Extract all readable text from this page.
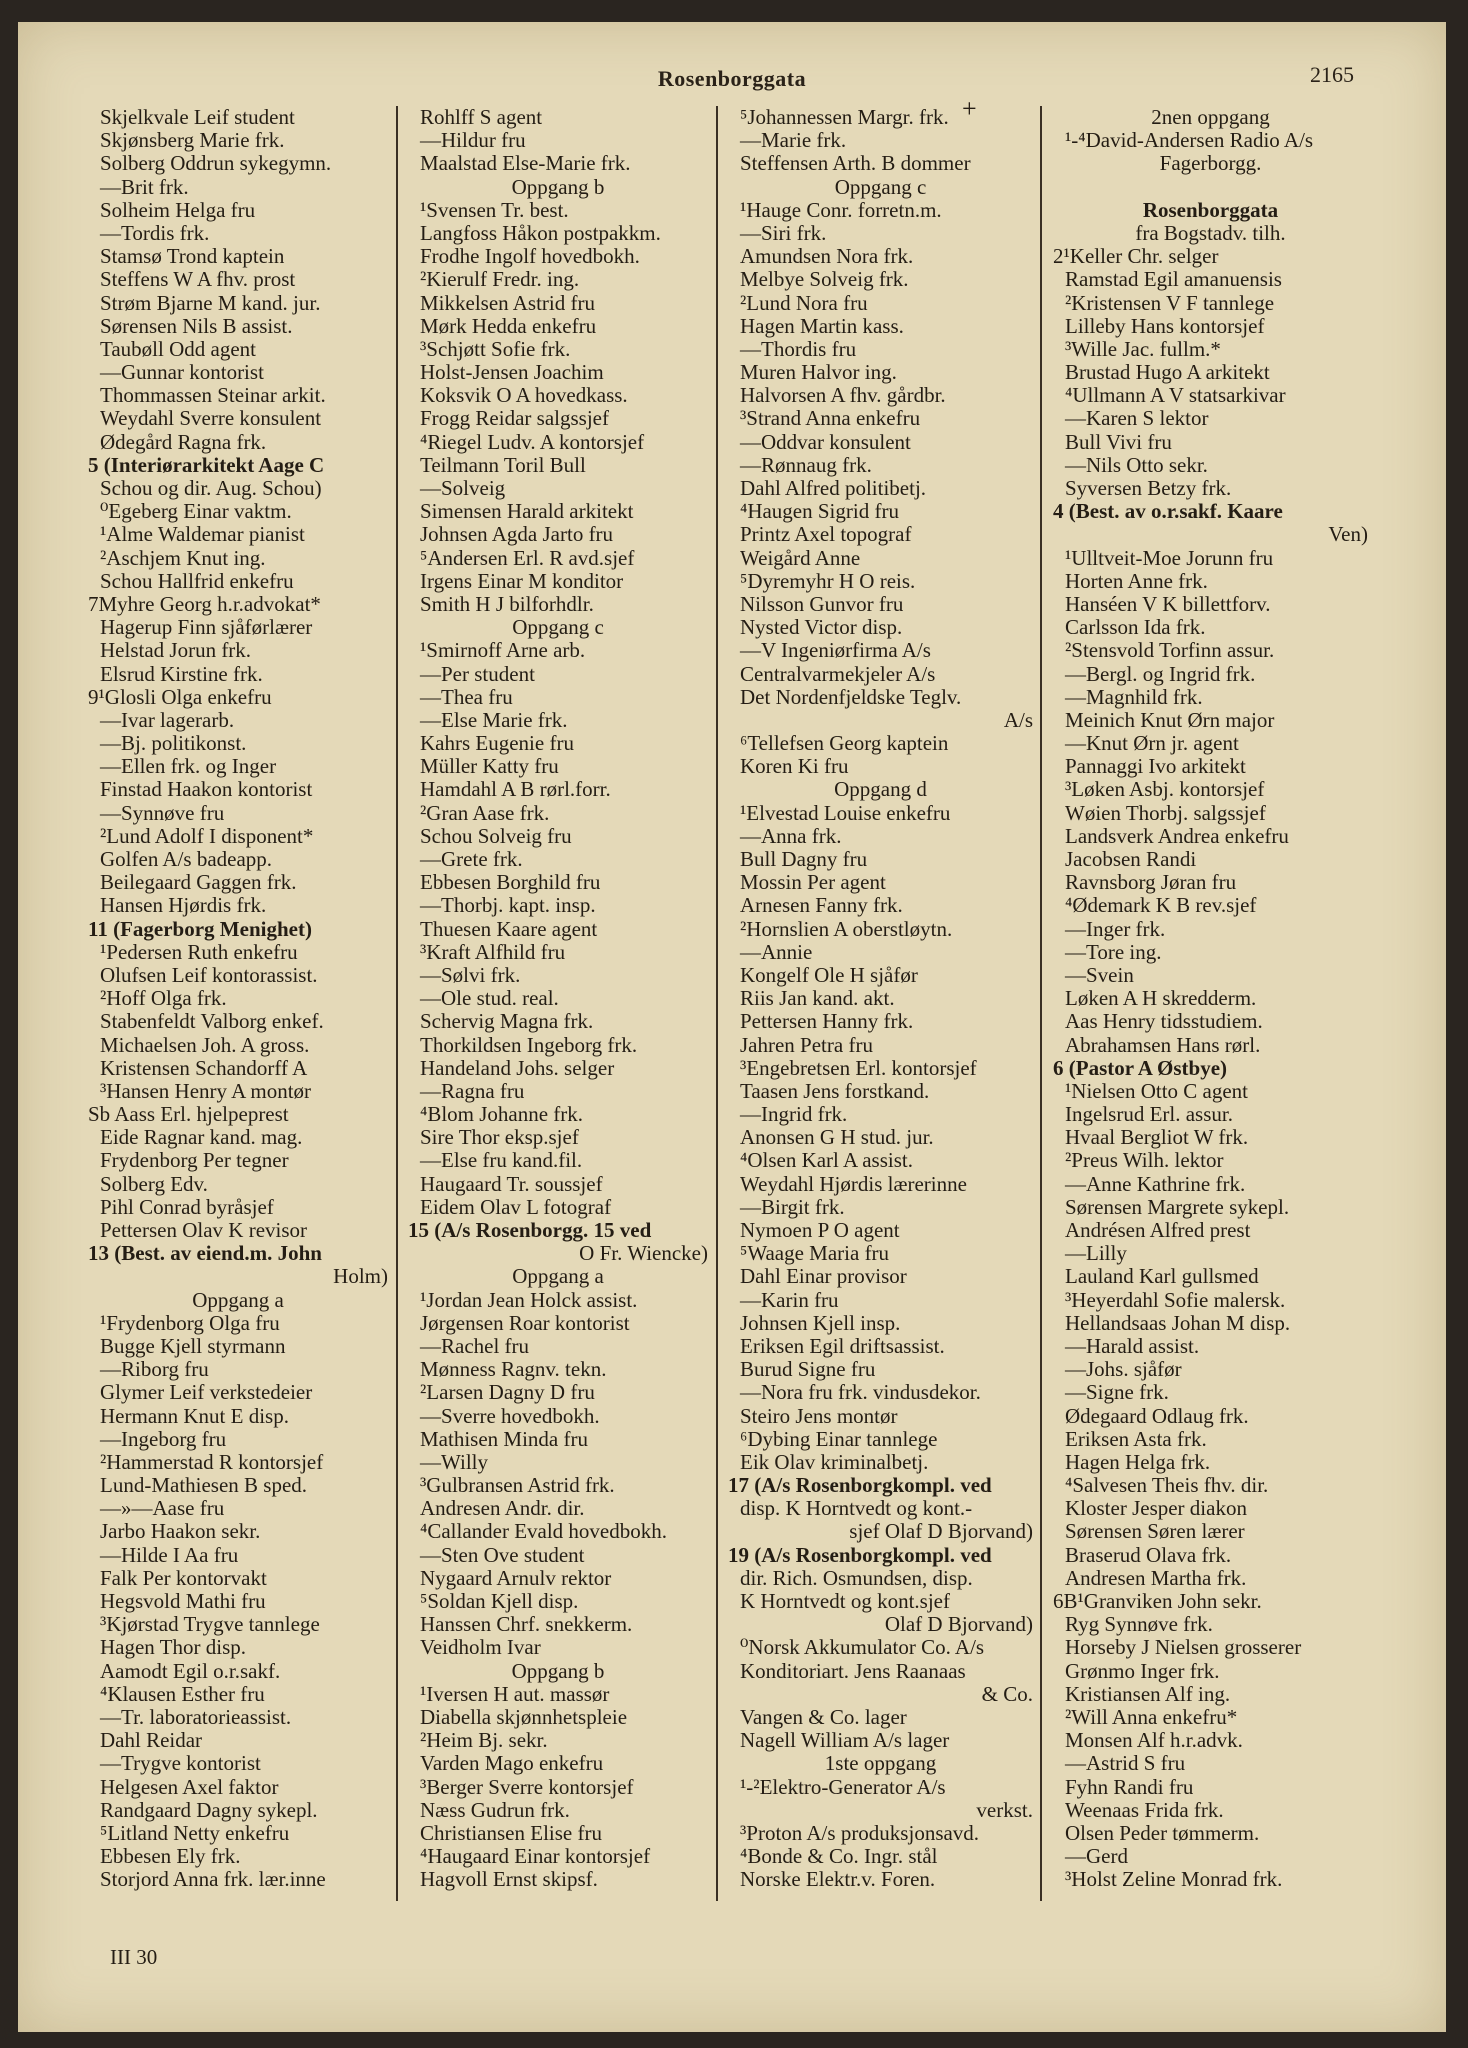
Rosenborggata	2165
Skjelkvale Leif student
Skjønsberg Marie frk.
Solberg Oddrun sykegymn.
—Brit frk.
Solheim Helga fru
—Tordis frk.
Stamsø Trond kaptein
Steffens W A fhv. prost
Strøm Bjarne M kand. jur.
Sørensen Nils B assist.
Taubøll Odd agent
—Gunnar kontorist
Thommassen Steinar arkit.
Weydahl Sverre konsulent
Ødegård Ragna frk.
5 (Interiørarkitekt Aage C
Schou og dir. Aug. Schou)
⁰Egeberg Einar vaktm.
¹Alme Waldemar pianist
²Aschjem Knut ing.
Schou Hallfrid enkefru
7Myhre Georg h.r.advokat*
Hagerup Finn sjåførlærer
Helstad Jorun frk.
Elsrud Kirstine frk.
9¹Glosli Olga enkefru
—Ivar lagerarb.
—Bj. politikonst.
—Ellen frk. og Inger
Finstad Haakon kontorist
—Synnøve fru
²Lund Adolf I disponent*
Golfen A/s badeapp.
Beilegaard Gaggen frk.
Hansen Hjørdis frk.
11 (Fagerborg Menighet)
¹Pedersen Ruth enkefru
Olufsen Leif kontorassist.
²Hoff Olga frk.
Stabenfeldt Valborg enkef.
Michaelsen Joh. A gross.
Kristensen Schandorff A
³Hansen Henry A montør
Sb Aass Erl. hjelpeprest
Eide Ragnar kand. mag.
Frydenborg Per tegner
Solberg Edv.
Pihl Conrad byråsjef
Pettersen Olav K revisor
13 (Best. av eiend.m. John
Holm)
Oppgang a
¹Frydenborg Olga fru
Bugge Kjell styrmann
—Riborg fru
Glymer Leif verkstedeier
Hermann Knut E disp.
—Ingeborg fru
²Hammerstad R kontorsjef
Lund-Mathiesen B sped.
—»—Aase fru
Jarbo Haakon sekr.
—Hilde I Aa fru
Falk Per kontorvakt
Hegsvold Mathi fru
³Kjørstad Trygve tannlege
Hagen Thor disp.
Aamodt Egil o.r.sakf.
⁴Klausen Esther fru
—Tr. laboratorieassist.
Dahl Reidar
—Trygve kontorist
Helgesen Axel faktor
Randgaard Dagny sykepl.
⁵Litland Netty enkefru
Ebbesen Ely frk.
Storjord Anna frk. lær.inne
Rohlff S agent
—Hildur fru
Maalstad Else-Marie frk.
Oppgang b
¹Svensen Tr. best.
Langfoss Håkon postpakkm.
Frodhe Ingolf hovedbokh.
²Kierulf Fredr. ing.
Mikkelsen Astrid fru
Mørk Hedda enkefru
³Schjøtt Sofie frk.
Holst-Jensen Joachim
Koksvik O A hovedkass.
Frogg Reidar salgssjef
⁴Riegel Ludv. A kontorsjef
Teilmann Toril Bull
—Solveig
Simensen Harald arkitekt
Johnsen Agda Jarto fru
⁵Andersen Erl. R avd.sjef
Irgens Einar M konditor
Smith H J bilforhdlr.
Oppgang c
¹Smirnoff Arne arb.
—Per student
—Thea fru
—Else Marie frk.
Kahrs Eugenie fru
Müller Katty fru
Hamdahl A B rørl.forr.
²Gran Aase frk.
Schou Solveig fru
—Grete frk.
Ebbesen Borghild fru
—Thorbj. kapt. insp.
Thuesen Kaare agent
³Kraft Alfhild fru
—Sølvi frk.
—Ole stud. real.
Schervig Magna frk.
Thorkildsen Ingeborg frk.
Handeland Johs. selger
—Ragna fru
⁴Blom Johanne frk.
Sire Thor eksp.sjef
—Else fru kand.fil.
Haugaard Tr. soussjef
Eidem Olav L fotograf
15 (A/s Rosenborgg. 15 ved
O Fr. Wiencke)
Oppgang a
¹Jordan Jean Holck assist.
Jørgensen Roar kontorist
—Rachel fru
Mønness Ragnv. tekn.
²Larsen Dagny D fru
—Sverre hovedbokh.
Mathisen Minda fru
—Willy
³Gulbransen Astrid frk.
Andresen Andr. dir.
⁴Callander Evald hovedbokh.
—Sten Ove student
Nygaard Arnulv rektor
⁵Soldan Kjell disp.
Hanssen Chrf. snekkerm.
Veidholm Ivar
Oppgang b
¹Iversen H aut. massør
Diabella skjønnhetspleie
²Heim Bj. sekr.
Varden Mago enkefru
³Berger Sverre kontorsjef
Næss Gudrun frk.
Christiansen Elise fru
⁴Haugaard Einar kontorsjef
Hagvoll Ernst skipsf.
⁵Johannessen Margr. frk.
—Marie frk.
Steffensen Arth. B dommer
Oppgang c
¹Hauge Conr. forretn.m.
—Siri frk.
Amundsen Nora frk.
Melbye Solveig frk.
²Lund Nora fru
Hagen Martin kass.
—Thordis fru
Muren Halvor ing.
Halvorsen A fhv. gårdbr.
³Strand Anna enkefru
—Oddvar konsulent
—Rønnaug frk.
Dahl Alfred politibetj.
⁴Haugen Sigrid fru
Printz Axel topograf
Weigård Anne
⁵Dyremyhr H O reis.
Nilsson Gunvor fru
Nysted Victor disp.
—V Ingeniørfirma A/s
Centralvarmekjeler A/s
Det Nordenfjeldske Teglv.
A/s
⁶Tellefsen Georg kaptein
Koren Ki fru
Oppgang d
¹Elvestad Louise enkefru
—Anna frk.
Bull Dagny fru
Mossin Per agent
Arnesen Fanny frk.
²Hornslien A oberstløytn.
—Annie
Kongelf Ole H sjåfør
Riis Jan kand. akt.
Pettersen Hanny frk.
Jahren Petra fru
³Engebretsen Erl. kontorsjef
Taasen Jens forstkand.
—Ingrid frk.
Anonsen G H stud. jur.
⁴Olsen Karl A assist.
Weydahl Hjørdis lærerinne
—Birgit frk.
Nymoen P O agent
⁵Waage Maria fru
Dahl Einar provisor
—Karin fru
Johnsen Kjell insp.
Eriksen Egil driftsassist.
Burud Signe fru
—Nora fru frk. vindusdekor.
Steiro Jens montør
⁶Dybing Einar tannlege
Eik Olav kriminalbetj.
17 (A/s Rosenborgkompl. ved
disp. K Horntvedt og kont.-
sjef Olaf D Bjorvand)
19 (A/s Rosenborgkompl. ved
dir. Rich. Osmundsen, disp.
K Horntvedt og kont.sjef
Olaf D Bjorvand)
⁰Norsk Akkumulator Co. A/s
Konditoriart. Jens Raanaas
& Co.
Vangen & Co. lager
Nagell William A/s lager
1ste oppgang
¹-²Elektro-Generator A/s
verkst.
³Proton A/s produksjonsavd.
⁴Bonde & Co. Ingr. stål
Norske Elektr.v. Foren.
2nen oppgang
¹-⁴David-Andersen Radio A/s
Fagerborgg.

Rosenborggata
fra Bogstadv. tilh.
2¹Keller Chr. selger
Ramstad Egil amanuensis
²Kristensen V F tannlege
Lilleby Hans kontorsjef
³Wille Jac. fullm.*
Brustad Hugo A arkitekt
⁴Ullmann A V statsarkivar
—Karen S lektor
Bull Vivi fru
—Nils Otto sekr.
Syversen Betzy frk.
4 (Best. av o.r.sakf. Kaare
Ven)
¹Ulltveit-Moe Jorunn fru
Horten Anne frk.
Hanséen V K billettforv.
Carlsson Ida frk.
²Stensvold Torfinn assur.
—Bergl. og Ingrid frk.
—Magnhild frk.
Meinich Knut Ørn major
—Knut Ørn jr. agent
Pannaggi Ivo arkitekt
³Løken Asbj. kontorsjef
Wøien Thorbj. salgssjef
Landsverk Andrea enkefru
Jacobsen Randi
Ravnsborg Jøran fru
⁴Ødemark K B rev.sjef
—Inger frk.
—Tore ing.
—Svein
Løken A H skredderm.
Aas Henry tidsstudiem.
Abrahamsen Hans rørl.
6 (Pastor A Østbye)
¹Nielsen Otto C agent
Ingelsrud Erl. assur.
Hvaal Bergliot W frk.
²Preus Wilh. lektor
—Anne Kathrine frk.
Sørensen Margrete sykepl.
Andrésen Alfred prest
—Lilly
Lauland Karl gullsmed
³Heyerdahl Sofie malersk.
Hellandsaas Johan M disp.
—Harald assist.
—Johs. sjåfør
—Signe frk.
Ødegaard Odlaug frk.
Eriksen Asta frk.
Hagen Helga frk.
⁴Salvesen Theis fhv. dir.
Kloster Jesper diakon
Sørensen Søren lærer
Braserud Olava frk.
Andresen Martha frk.
6B¹Granviken John sekr.
Ryg Synnøve frk.
Horseby J Nielsen grosserer
Grønmo Inger frk.
Kristiansen Alf ing.
²Will Anna enkefru*
Monsen Alf h.r.advk.
—Astrid S fru
Fyhn Randi fru
Weenaas Frida frk.
Olsen Peder tømmerm.
—Gerd
³Holst Zeline Monrad frk.
+
III 30
